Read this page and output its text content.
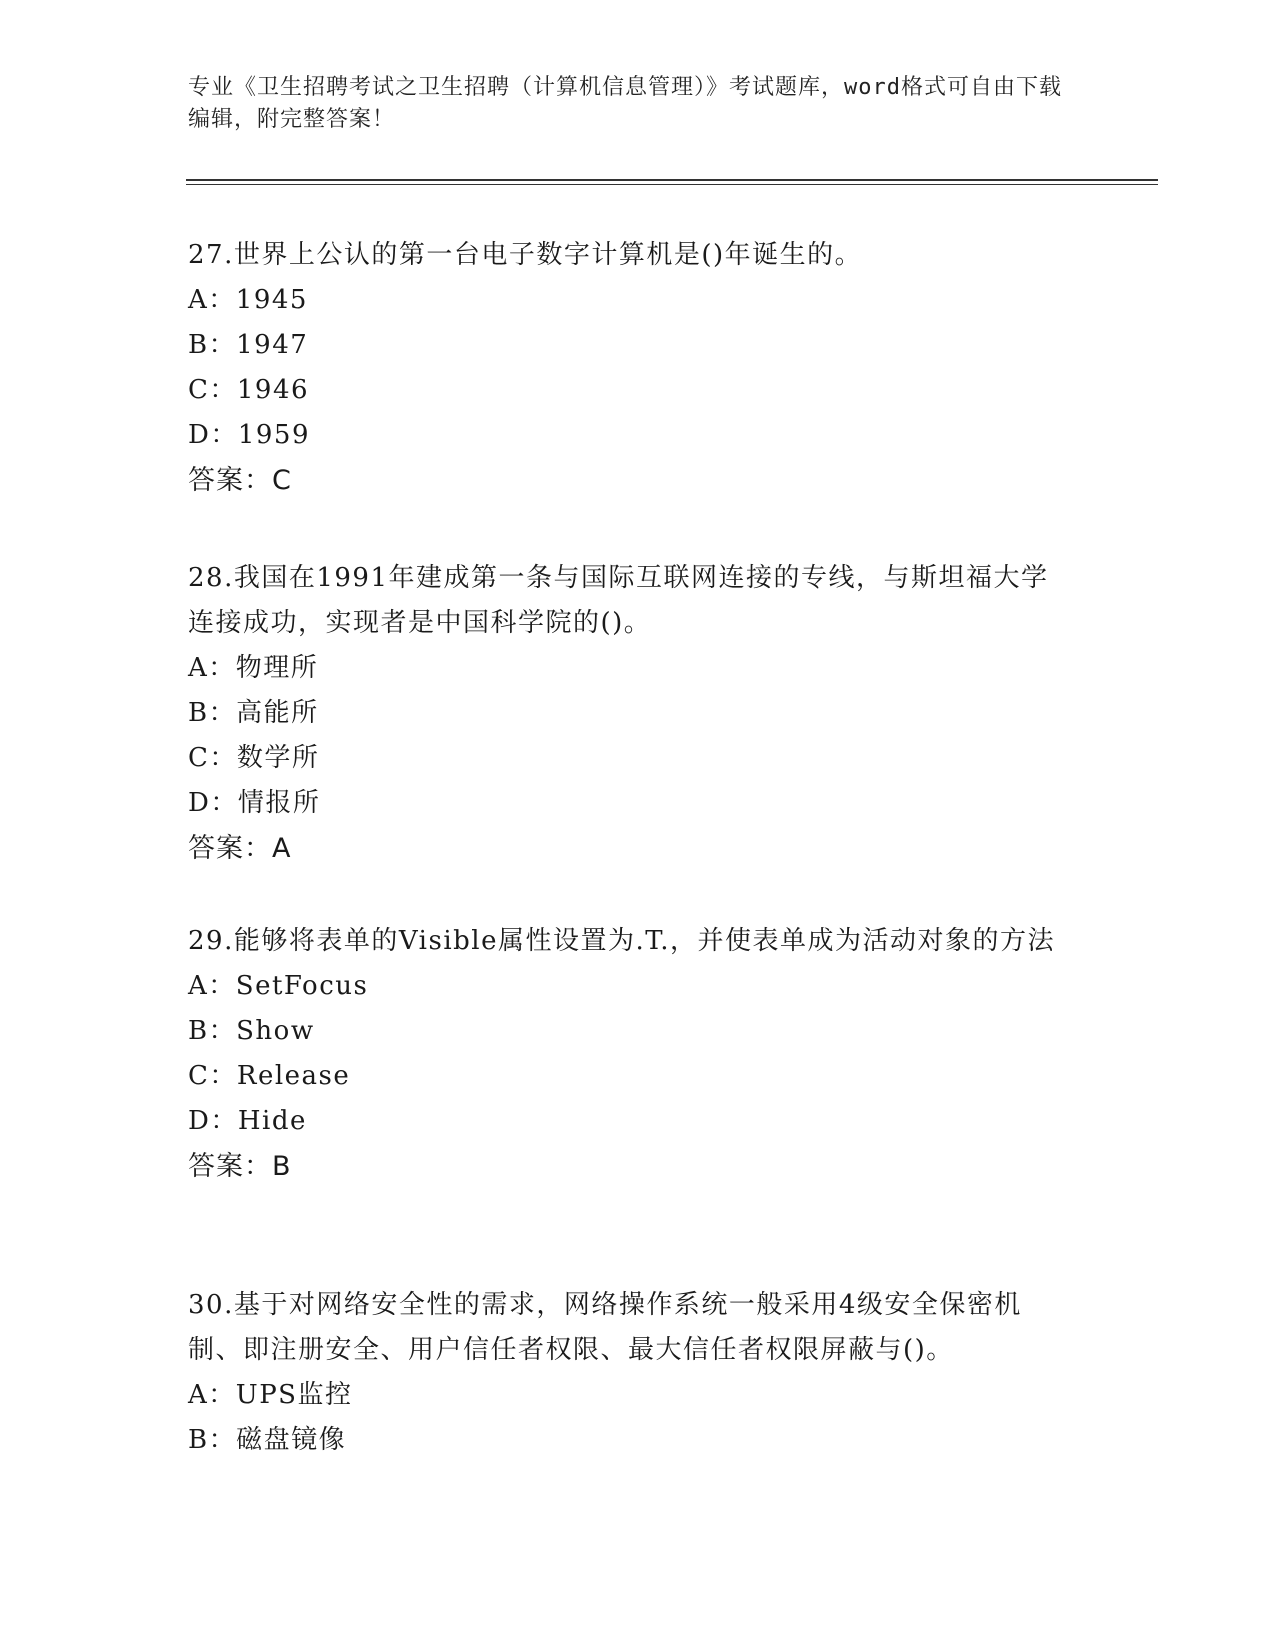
专业《卫生招聘考试之卫生招聘（计算机信息管理）》考试题库，word格式可自由下载编辑，附完整答案！

27.世界上公认的第一台电子数字计算机是()年诞生的。

A：1945

B：1947

C：1946

D：1959

答案：C

28.我国在1991年建成第一条与国际互联网连接的专线，与斯坦福大学连接成功，实现者是中国科学院的()。

A：物理所

B：高能所

C：数学所

D：情报所

答案：A

29.能够将表单的Visible属性设置为.T.，并使表单成为活动对象的方法

A：SetFocus

B：Show

C：Release

D：Hide

答案：B

30.基于对网络安全性的需求，网络操作系统一般采用4级安全保密机制、即注册安全、用户信任者权限、最大信任者权限屏蔽与()。

A：UPS监控

B：磁盘镜像
